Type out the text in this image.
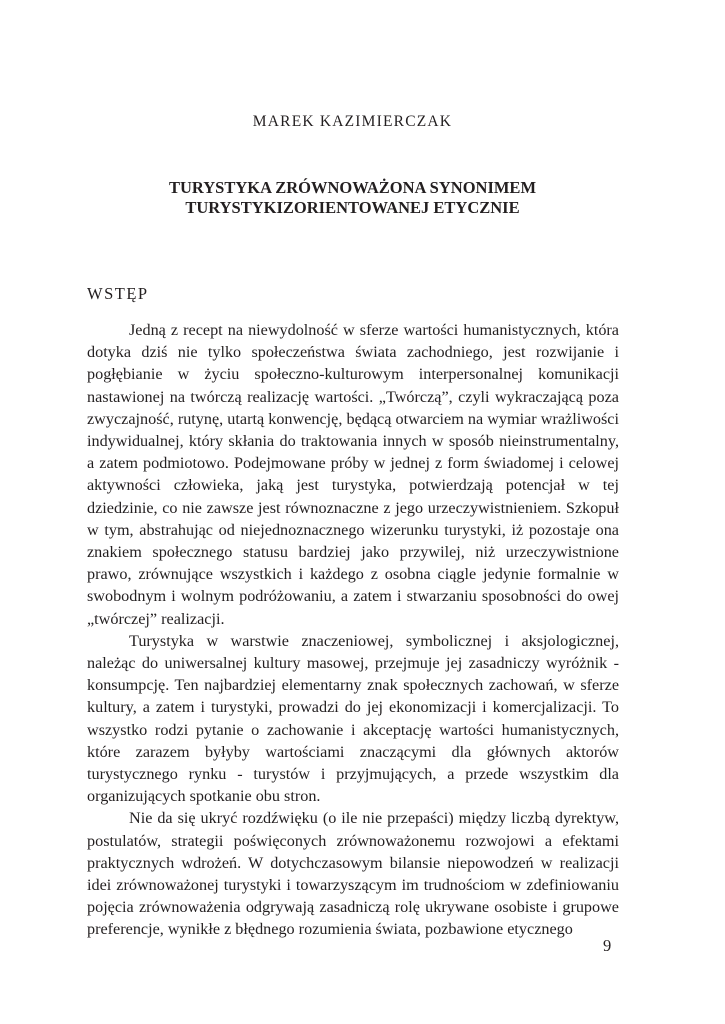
MAREK KAZIMIERCZAK
TURYSTYKA ZRÓWNOWAŻONA SYNONIMEM
TURYSTYKIZORIENTOWANEJ ETYCZNIE
WSTĘP

Jedną z recept na niewydolność w sferze wartości humanistycznych, która dotyka dziś nie tylko społeczeństwa świata zachodniego, jest rozwijanie i pogłębianie w życiu społeczno-kulturowym interpersonalnej komunikacji nastawionej na twórczą realizację wartości. „Twórczą”, czyli wykraczającą poza zwyczajność, rutynę, utartą konwencję, będącą otwarciem na wymiar wrażliwości indywidualnej, który skłania do traktowania innych w sposób nieinstrumentalny, a zatem podmiotowo. Podejmowane próby w jednej z form świadomej i celowej aktywności człowieka, jaką jest turystyka, potwierdzają potencjał w tej dziedzinie, co nie zawsze jest równoznaczne z jego urzeczywistnieniem. Szkopuł w tym, abstrahując od niejednoznacznego wizerunku turystyki, iż pozostaje ona znakiem społecznego statusu bardziej jako przywilej, niż urzeczywistnione prawo, zrównujące wszystkich i każdego z osobna ciągle jedynie formalnie w swobodnym i wolnym podróżowaniu, a zatem i stwarzaniu sposobności do owej „twórczej” realizacji.

Turystyka w warstwie znaczeniowej, symbolicznej i aksjologicznej, należąc do uniwersalnej kultury masowej, przejmuje jej zasadniczy wyróżnik - konsumpcję. Ten najbardziej elementarny znak społecznych zachowań, w sferze kultury, a zatem i turystyki, prowadzi do jej ekonomizacji i komercjalizacji. To wszystko rodzi pytanie o zachowanie i akceptację wartości humanistycznych, które zarazem byłyby wartościami znaczącymi dla głównych aktorów turystycznego rynku - turystów i przyjmujących, a przede wszystkim dla organizujących spotkanie obu stron.

Nie da się ukryć rozdźwięku (o ile nie przepaści) między liczbą dyrektyw, postulatów, strategii poświęconych zrównoważonemu rozwojowi a efektami praktycznych wdrożeń. W dotychczasowym bilansie niepowodzeń w realizacji idei zrównoważonej turystyki i towarzyszącym im trudnościom w zdefiniowaniu pojęcia zrównoważenia odgrywają zasadniczą rolę ukrywane osobiste i grupowe preferencje, wynikłe z błędnego rozumienia świata, pozbawione etycznego

9
